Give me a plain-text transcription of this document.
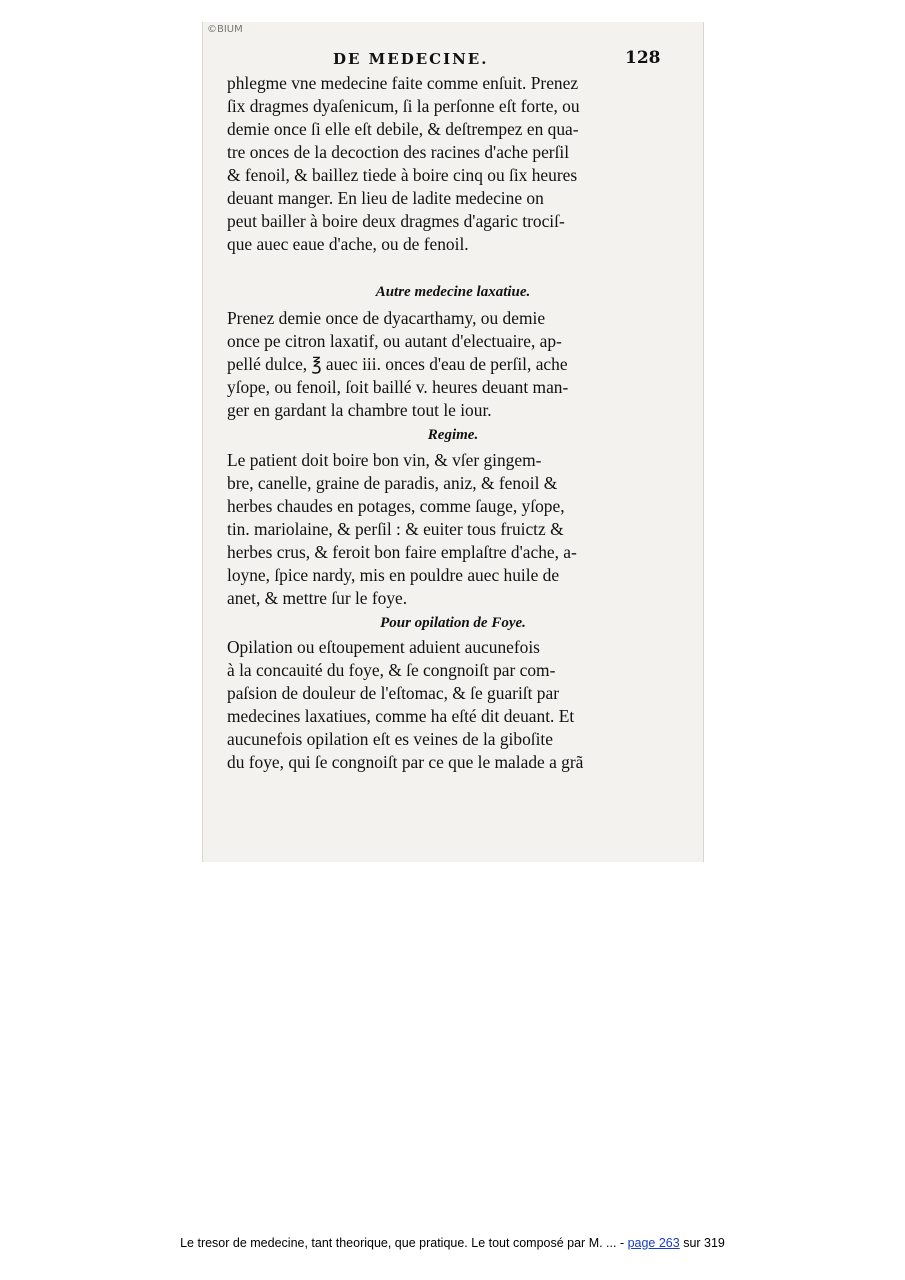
©BIUM
DE MEDECINE.	128
phlegme vne medecine faite comme enſuit. Prenez
ſix dragmes dyaſenicum, ſi la perſonne eſt forte, ou
demie once ſi elle eſt debile, & deſtrempez en qua-
tre onces de la decoction des racines d'ache perſil
& fenoil, & baillez tiede à boire cinq ou ſix heures
deuant manger. En lieu de ladite medecine on
peut bailler à boire deux dragmes d'agaric trociſ-
que auec eaue d'ache, ou de fenoil.
Autre medecine laxatiue.
Prenez demie once de dyacarthamy, ou demie
once pe citron laxatif, ou autant d'electuaire, ap-
pellé dulce, ℥ auec iii. onces d'eau de perſil, ache
yſope, ou fenoil, ſoit baillé v. heures deuant man-
ger en gardant la chambre tout le iour.
Regime.
Le patient doit boire bon vin, & vſer gingem-
bre, canelle, graine de paradis, aniz, & fenoil &
herbes chaudes en potages, comme ſauge, yſope,
tin. mariolaine, & perſil : & euiter tous fruictz &
herbes crus, & feroit bon faire emplaſtre d'ache, a-
loyne, ſpice nardy, mis en pouldre auec huile de
anet, & mettre ſur le foye.
Pour opilation de Foye.
Opilation ou eſtoupement aduient aucunefois
à la concauité du foye, & ſe congnoiſt par com-
paſsion de douleur de l'eſtomac, & ſe guariſt par
medecines laxatiues, comme ha eſté dit deuant. Et
aucunefois opilation eſt es veines de la giboſite
du foye, qui ſe congnoiſt par ce que le malade a grã
Le tresor de medecine, tant theorique, que pratique. Le tout composé par M. ... - page 263 sur 319
